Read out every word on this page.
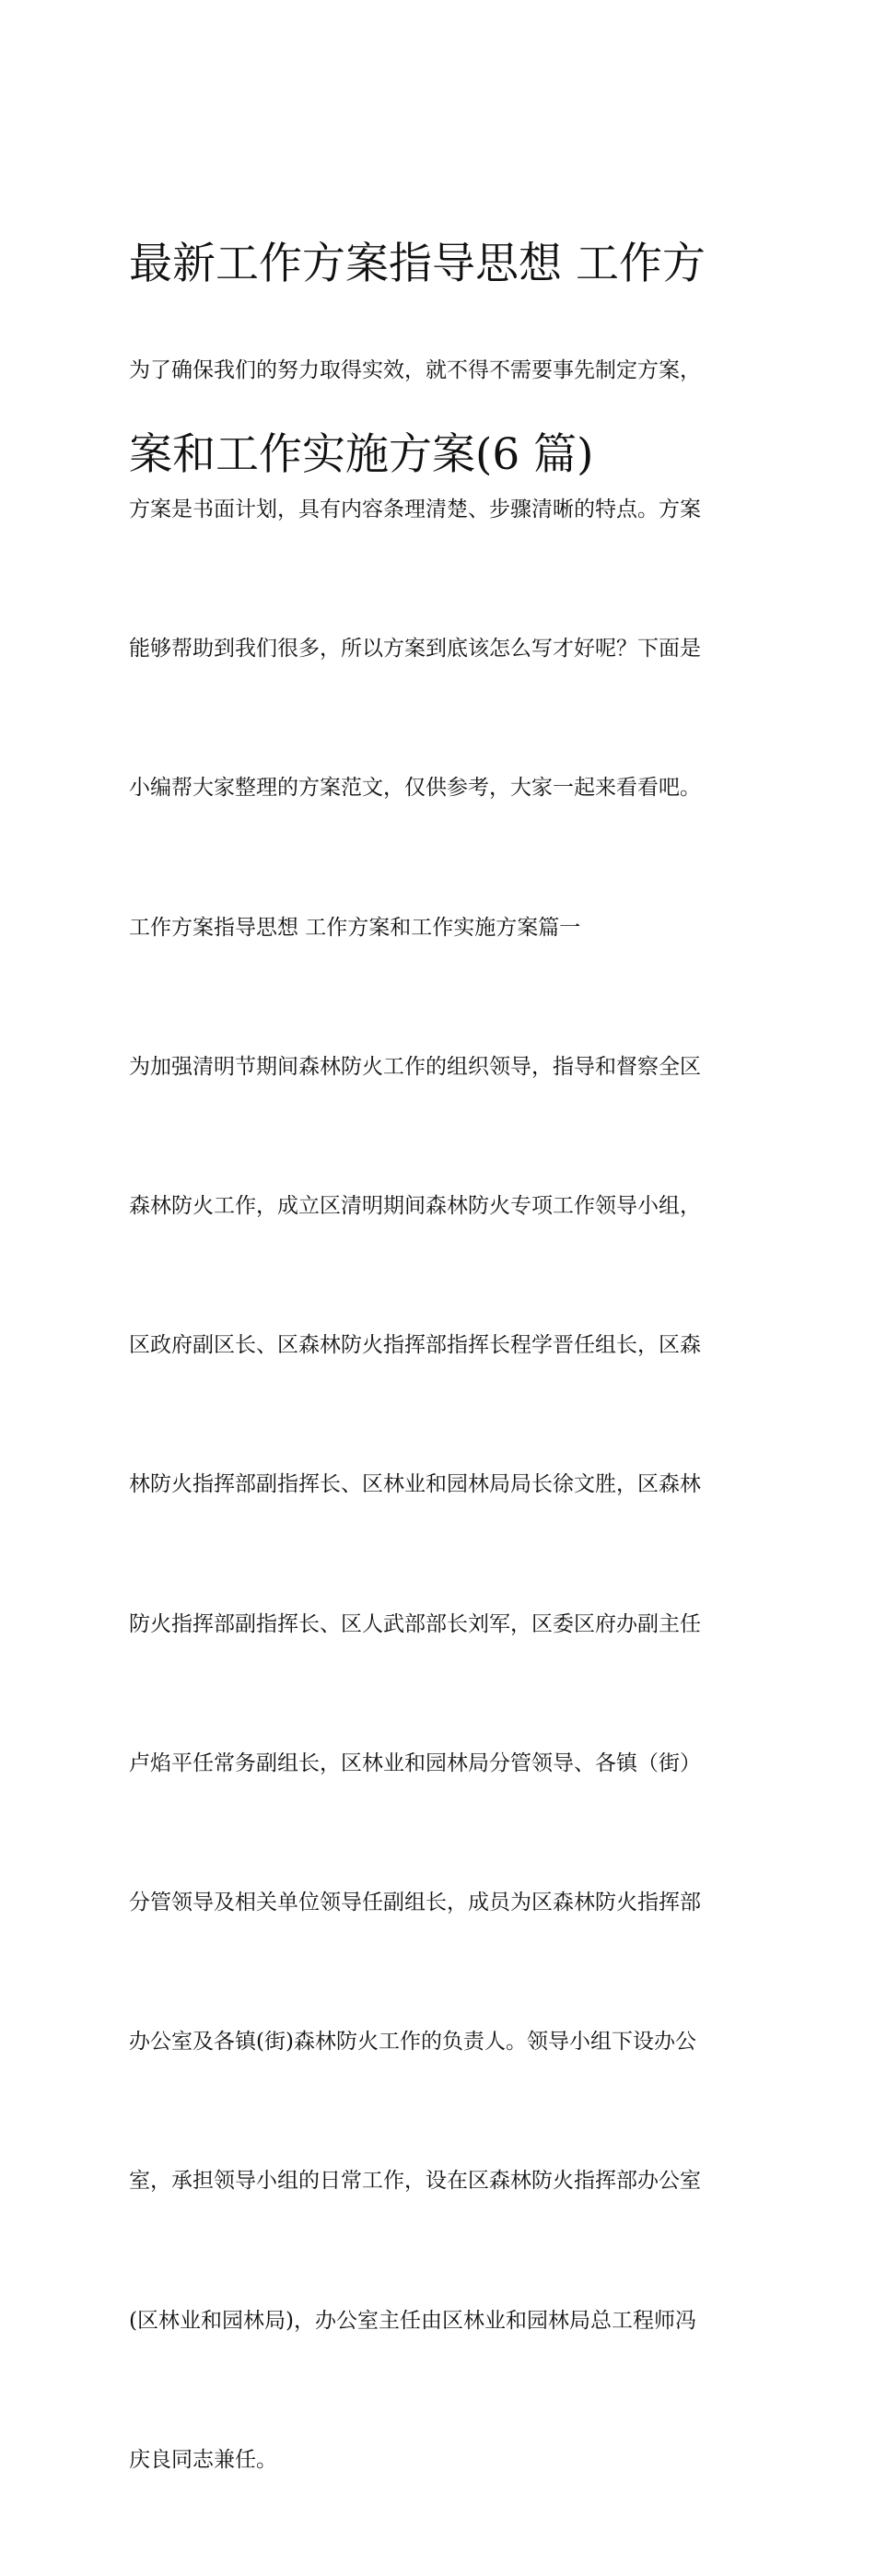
最新工作方案指导思想 工作方

案和工作实施方案(6 篇)

为了确保我们的努力取得实效，就不得不需要事先制定方案，

方案是书面计划，具有内容条理清楚、步骤清晰的特点。方案

能够帮助到我们很多，所以方案到底该怎么写才好呢？下面是

小编帮大家整理的方案范文，仅供参考，大家一起来看看吧。

工作方案指导思想 工作方案和工作实施方案篇一

为加强清明节期间森林防火工作的组织领导，指导和督察全区

森林防火工作，成立区清明期间森林防火专项工作领导小组，

区政府副区长、区森林防火指挥部指挥长程学晋任组长，区森

林防火指挥部副指挥长、区林业和园林局局长徐文胜，区森林

防火指挥部副指挥长、区人武部部长刘军，区委区府办副主任

卢焰平任常务副组长，区林业和园林局分管领导、各镇（街）

分管领导及相关单位领导任副组长，成员为区森林防火指挥部

办公室及各镇(街)森林防火工作的负责人。领导小组下设办公

室，承担领导小组的日常工作，设在区森林防火指挥部办公室

(区林业和园林局)，办公室主任由区林业和园林局总工程师冯

庆良同志兼任。
